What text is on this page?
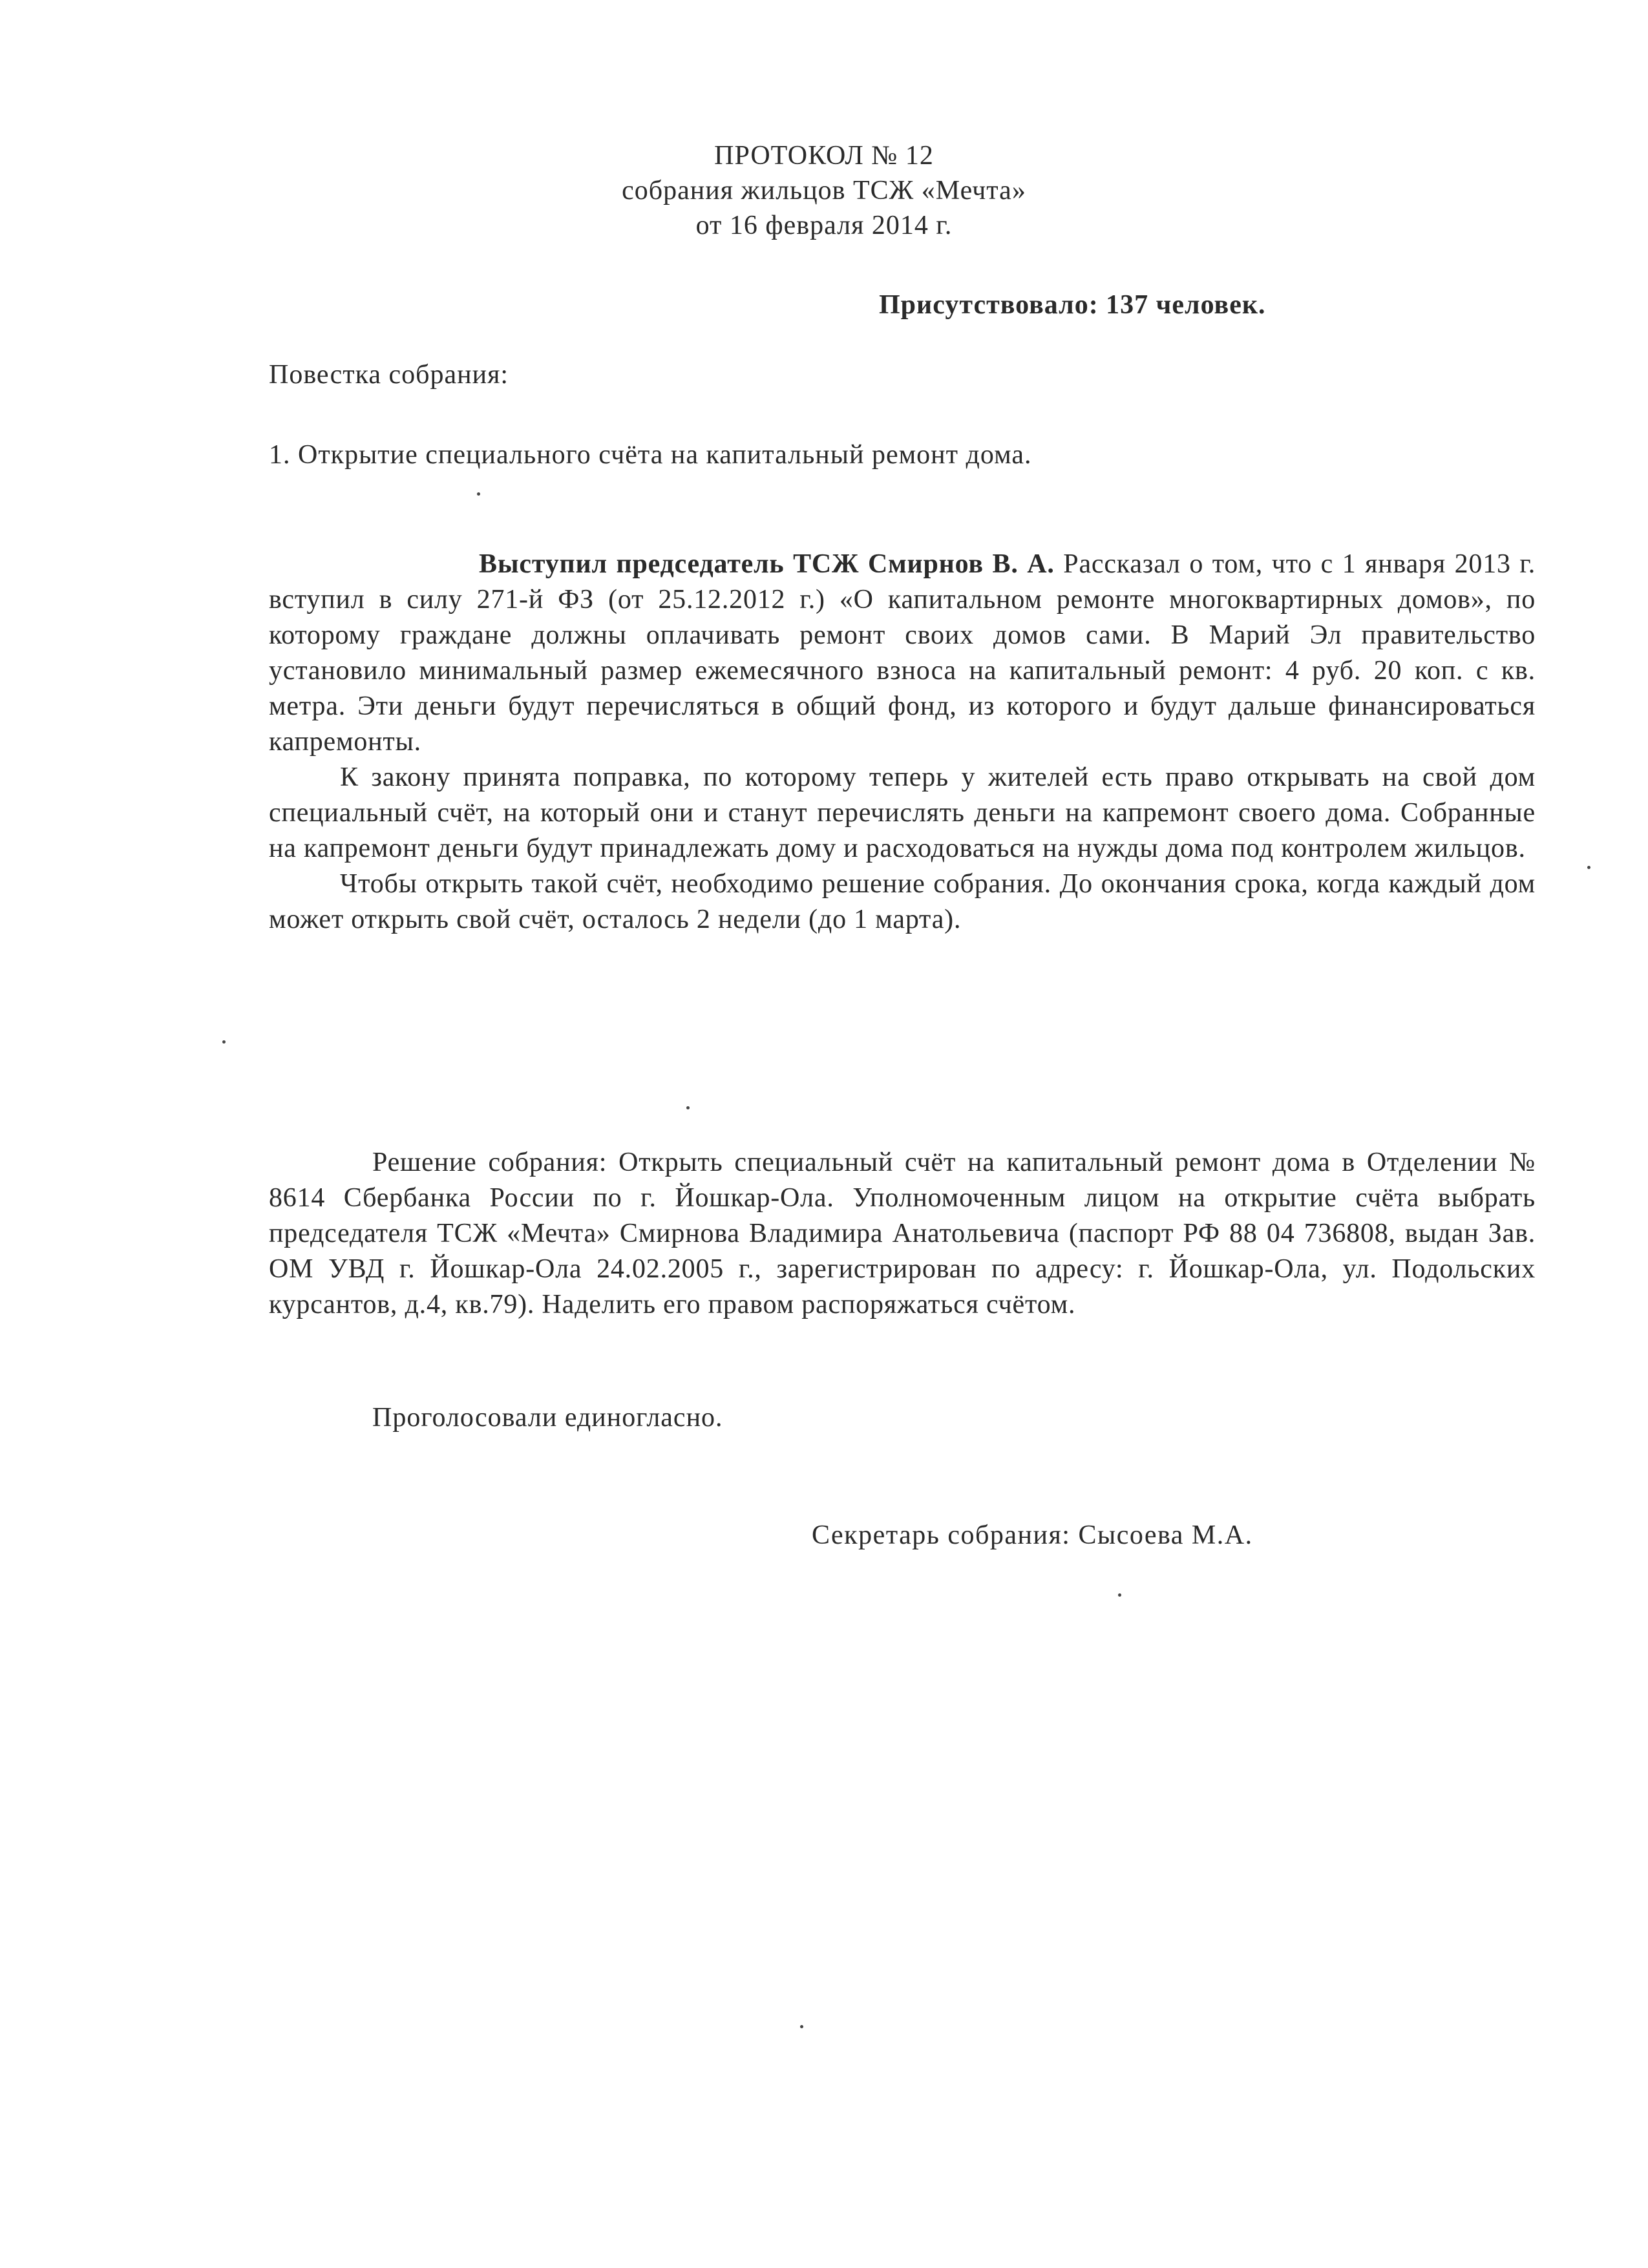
ПРОТОКОЛ № 12
собрания жильцов ТСЖ «Мечта»
от 16 февраля 2014 г.
Присутствовало: 137 человек.
Повестка собрания:
1. Открытие специального счёта на капитальный ремонт дома.

Выступил председатель ТСЖ Смирнов В. А. Рассказал о том, что с 1 января 2013 г. вступил в силу 271-й ФЗ (от 25.12.2012 г.) «О капитальном ремонте многоквартирных домов», по которому граждане должны оплачивать ремонт своих домов сами. В Марий Эл правительство установило минимальный размер ежемесячного взноса на капитальный ремонт: 4 руб. 20 коп. с кв. метра. Эти деньги будут перечисляться в общий фонд, из которого и будут дальше финансироваться капремонты.

К закону принята поправка, по которому теперь у жителей есть право открывать на свой дом специальный счёт, на который они и станут перечислять деньги на капремонт своего дома. Собранные на капремонт деньги будут принадлежать дому и расходоваться на нужды дома под контролем жильцов.

Чтобы открыть такой счёт, необходимо решение собрания. До окончания срока, когда каждый дом может открыть свой счёт, осталось 2 недели (до 1 марта).

Решение собрания: Открыть специальный счёт на капитальный ремонт дома в Отделении № 8614 Сбербанка России по г. Йошкар-Ола. Уполномоченным лицом на открытие счёта выбрать председателя ТСЖ «Мечта» Смирнова Владимира Анатольевича (паспорт РФ 88 04 736808, выдан Зав. ОМ УВД г. Йошкар-Ола 24.02.2005 г., зарегистрирован по адресу: г. Йошкар-Ола, ул. Подольских курсантов, д.4, кв.79). Наделить его правом распоряжаться счётом.

Проголосовали единогласно.
Секретарь собрания: Сысоева М.А.
